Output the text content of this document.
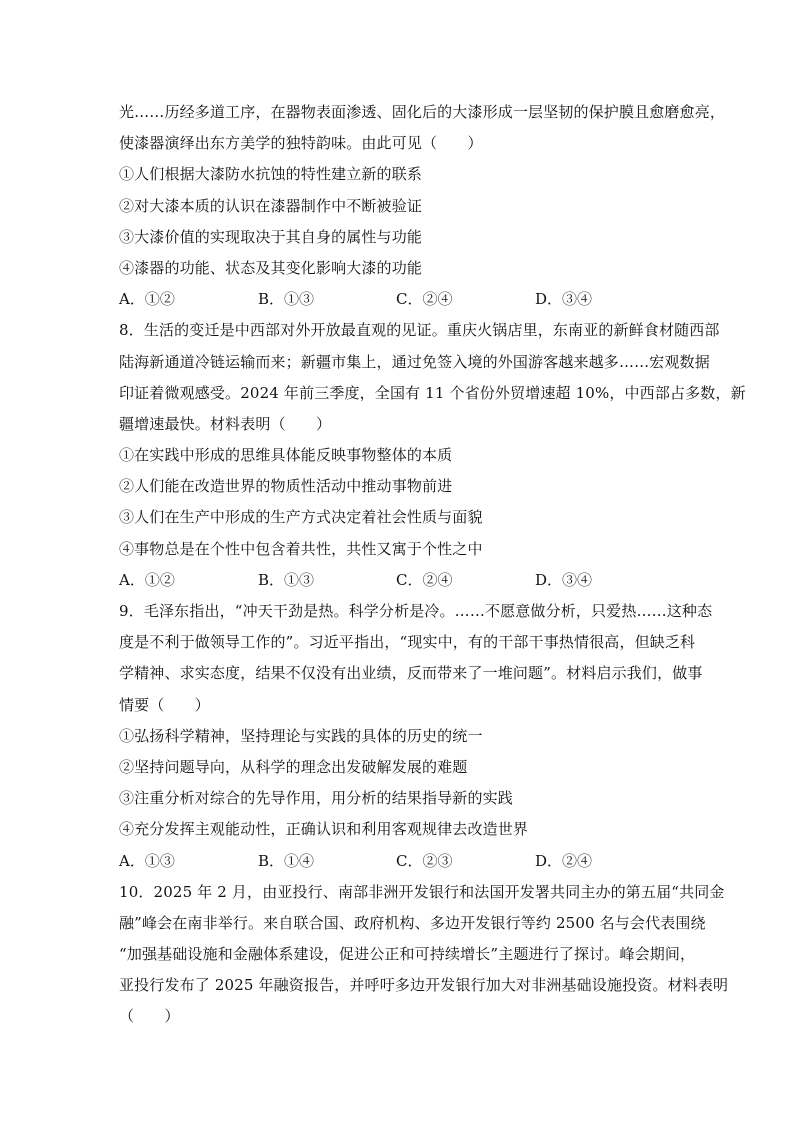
光……历经多道工序，在器物表面渗透、固化后的大漆形成一层坚韧的保护膜且愈磨愈亮，
使漆器演绎出东方美学的独特韵味。由此可见（　　）
①人们根据大漆防水抗蚀的特性建立新的联系
②对大漆本质的认识在漆器制作中不断被验证
③大漆价值的实现取决于其自身的属性与功能
④漆器的功能、状态及其变化影响大漆的功能
A．①②	B．①③	C．②④	D．③④
8．生活的变迁是中西部对外开放最直观的见证。重庆火锅店里，东南亚的新鲜食材随西部
陆海新通道冷链运输而来；新疆市集上，通过免签入境的外国游客越来越多……宏观数据
印证着微观感受。2024 年前三季度，全国有 11 个省份外贸增速超 10%，中西部占多数，新
疆增速最快。材料表明（　　）
①在实践中形成的思维具体能反映事物整体的本质
②人们能在改造世界的物质性活动中推动事物前进
③人们在生产中形成的生产方式决定着社会性质与面貌
④事物总是在个性中包含着共性，共性又寓于个性之中
A．①②	B．①③	C．②④	D．③④
9．毛泽东指出，“冲天干劲是热。科学分析是冷。……不愿意做分析，只爱热……这种态
度是不利于做领导工作的”。习近平指出，“现实中，有的干部干事热情很高，但缺乏科
学精神、求实态度，结果不仅没有出业绩，反而带来了一堆问题”。材料启示我们，做事
情要（　　）
①弘扬科学精神，坚持理论与实践的具体的历史的统一
②坚持问题导向，从科学的理念出发破解发展的难题
③注重分析对综合的先导作用，用分析的结果指导新的实践
④充分发挥主观能动性，正确认识和利用客观规律去改造世界
A．①③	B．①④	C．②③	D．②④
10．2025 年 2 月，由亚投行、南部非洲开发银行和法国开发署共同主办的第五届“共同金
融”峰会在南非举行。来自联合国、政府机构、多边开发银行等约 2500 名与会代表围绕
“加强基础设施和金融体系建设，促进公正和可持续增长”主题进行了探讨。峰会期间，
亚投行发布了 2025 年融资报告，并呼吁多边开发银行加大对非洲基础设施投资。材料表明
（　　）
